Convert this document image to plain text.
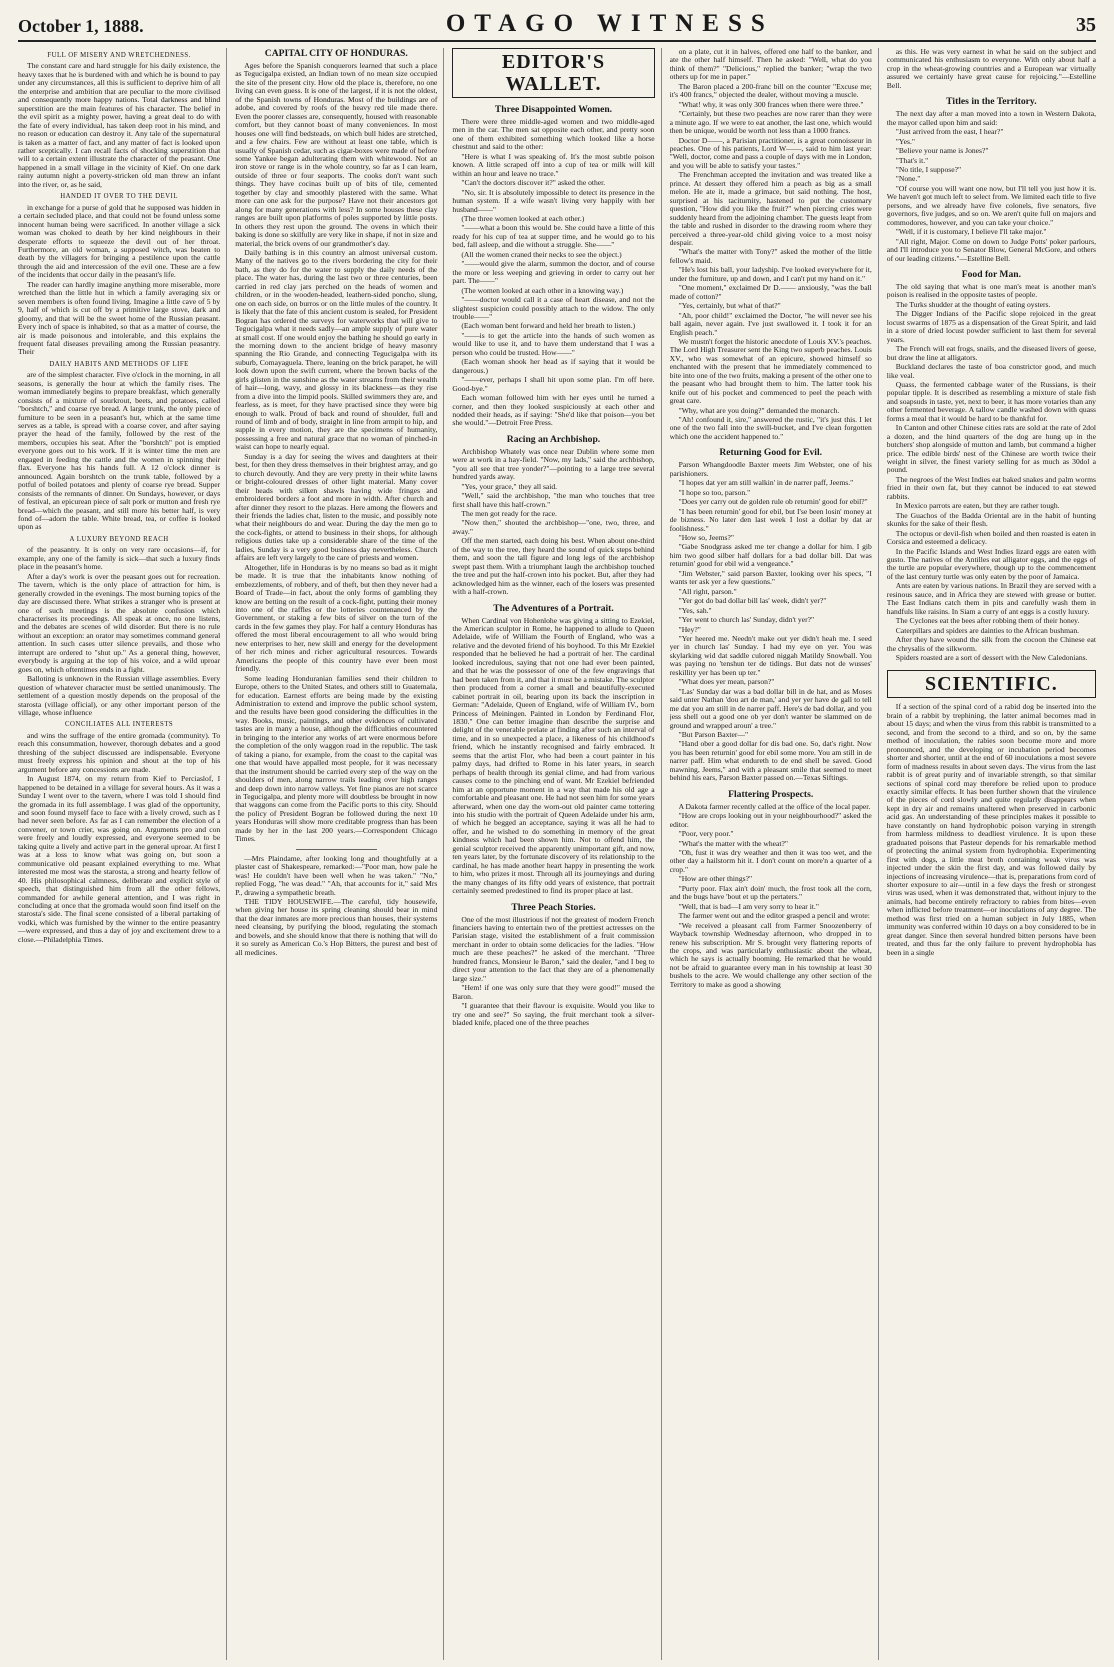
October 1, 1888.	OTAGO WITNESS	35
FULL OF MISERY AND WRETCHEDNESS.

The constant care and hard struggle for his daily existence, the heavy taxes that he is burdened with and which he is bound to pay under any circumstances, all this is sufficient to deprive him of all the enterprise and ambition that are peculiar to the more civilised and consequently more happy nations. Total darkness and blind superstition are the main features of his character. The belief in the evil spirit as a mighty power, having a great deal to do with the fate of every individual, has taken deep root in his mind, and no reason or education can destroy it. Any tale of the supernatural is taken as a matter of fact, and any matter of fact is looked upon rather sceptically. I can recall facts of shocking superstition that will to a certain extent illustrate the character of the peasant. One happened in a small village in the vicinity of Kief. On one dark rainy autumn night a poverty-stricken old man threw an infant into the river, or, as he said,

HANDED IT OVER TO THE DEVIL

in exchange for a purse of gold that he supposed was hidden in a certain secluded place, and that could not be found unless some innocent human being were sacrificed. In another village a sick woman was choked to death by her kind neighbours in their desperate efforts to squeeze the devil out of her throat. Furthermore, an old woman, a supposed witch, was beaten to death by the villagers for bringing a pestilence upon the cattle through the aid and intercession of the evil one. These are a few of the incidents that occur daily in the peasant's life.

The reader can hardly imagine anything more miserable, more wretched than the little hut in which a family averaging six or seven members is often found living. Imagine a little cave of 5 by 9, half of which is cut off by a primitive large stove, dark and gloomy, and that will be the sweet home of the Russian peasant. Every inch of space is inhabited, so that as a matter of course, the air is made poisonous and intolerable, and this explains the frequent fatal diseases prevailing among the Russian peasantry. Their

DAILY HABITS AND METHODS OF LIFE

are of the simplest character. Five o'clock in the morning, in all seasons, is generally the hour at which the family rises. The woman immediately begins to prepare breakfast, which generally consists of a mixture of sourkrout, beets, and potatoes, called "borshtch," and coarse rye bread. A large trunk, the only piece of furniture to be seen in a peasant's hut, which at the same time serves as a table, is spread with a coarse cover, and after saying prayer the head of the family, followed by the rest of the members, occupies his seat. After the "borshtch" pot is emptied everyone goes out to his work. If it is winter time the men are engaged in feeding the cattle and the women in spinning their flax. Everyone has his hands full. A 12 o'clock dinner is announced. Again borshtch on the trunk table, followed by a potful of boiled potatoes and plenty of coarse rye bread. Supper consists of the remnants of dinner. On Sundays, however, or days of festival, an epicurean piece of salt pork or mutton and fresh rye bread—which the peasant, and still more his better half, is very fond of—adorn the table. White bread, tea, or coffee is looked upon as

A LUXURY BEYOND REACH

of the peasantry. It is only on very rare occasions—if, for example, any one of the family is sick—that such a luxury finds place in the peasant's home.

After a day's work is over the peasant goes out for recreation. The tavern, which is the only place of attraction for him, is generally crowded in the evenings. The most burning topics of the day are discussed there. What strikes a stranger who is present at one of such meetings is the absolute confusion which characterises its proceedings. All speak at once, no one listens, and the debates are scenes of wild disorder. But there is no rule without an exception: an orator may sometimes command general attention. In such cases utter silence prevails, and those who interrupt are ordered to "shut up." As a general thing, however, everybody is arguing at the top of his voice, and a wild uproar goes on, which oftentimes ends in a fight.

Balloting is unknown in the Russian village assemblies. Every question of whatever character must be settled unanimously. The settlement of a question mostly depends on the proposal of the starosta (village official), or any other important person of the village, whose influence

CONCILIATES ALL INTERESTS

and wins the suffrage of the entire gromada (community). To reach this consummation, however, thorough debates and a good threshing of the subject discussed are indispensable. Everyone must freely express his opinion and shout at the top of his argument before any concessions are made.

In August 1874, on my return from Kief to Perciaslof, I happened to be detained in a village for several hours. As it was a Sunday I went over to the tavern, where I was told I should find the gromada in its full assemblage. I was glad of the opportunity, and soon found myself face to face with a lively crowd, such as I had never seen before. As far as I can remember the election of a convener, or town crier, was going on. Arguments pro and con were freely and loudly expressed, and everyone seemed to be taking quite a lively and active part in the general uproar. At first I was at a loss to know what was going on, but soon a communicative old peasant explained everything to me. What interested me most was the starosta, a strong and hearty fellow of 40. His philosophical calmness, deliberate and explicit style of speech, that distinguished him from all the other fellows, commanded for awhile general attention, and I was right in concluding at once that the gromada would soon find itself on the starosta's side. The final scene consisted of a liberal partaking of vodki, which was furnished by the winner to the entire peasantry—were expressed, and thus a day of joy and excitement drew to a close.—Philadelphia Times.

CAPITAL CITY OF HONDURAS.

Ages before the Spanish conquerors learned that such a place as Tegucigalpa existed, an Indian town of no mean size occupied the site of the present city. How old the place is, therefore, no one living can even guess. It is one of the largest, if it is not the oldest, of the Spanish towns of Honduras. Most of the buildings are of adobe, and covered by roofs of the heavy red tile made there. Even the poorer classes are, consequently, housed with reasonable comfort, but they cannot boast of many conveniences. In most houses one will find bedsteads, on which bull hides are stretched, and a few chairs. Few are without at least one table, which is usually of Spanish cedar, such as cigar-boxes were made of before some Yankee began adulterating them with whitewood. Not an iron stove or range is in the whole country, so far as I can learn, outside of three or four seaports. The cooks don't want such things. They have cocinas built up of bits of tile, cemented together by clay and smoothly plastered with the same. What more can one ask for the purpose? Have not their ancestors got along for many generations with less? In some houses these clay ranges are built upon platforms of poles supported by little posts. In others they rest upon the ground. The ovens in which their baking is done so skilfully are very like in shape, if not in size and material, the brick ovens of our grandmother's day.

Daily bathing is in this country an almost universal custom. Many of the natives go to the rivers bordering the city for their bath, as they do for the water to supply the daily needs of the place. The water has, during the last two or three centuries, been carried in red clay jars perched on the heads of women and children, or in the wooden-headed, leathern-sided poncho, slung, one on each side, on burros or on the little mules of the country. It is likely that the fate of this ancient custom is sealed, for President Bogran has ordered the surveys for waterworks that will give to Tegucigalpa what it needs sadly—an ample supply of pure water at small cost. If one would enjoy the bathing he should go early in the morning down to the ancient bridge of heavy masonry spanning the Rio Grande, and connecting Tegucigalpa with its suburb, Comayaguela. There, leaning on the brick parapet, he will look down upon the swift current, where the brown backs of the girls glisten in the sunshine as the water streams from their wealth of hair—long, wavy, and glossy in its blackness—as they rise from a dive into the limpid pools. Skilled swimmers they are, and fearless, as is meet, for they have practised since they were big enough to walk. Proud of back and round of shoulder, full and round of limb and of body, straight in line from armpit to hip, and supple in every motion, they are the specimens of humanity, possessing a free and natural grace that no woman of pinched-in waist can hope to nearly equal.

Sunday is a day for seeing the wives and daughters at their best, for then they dress themselves in their brightest array, and go to church devoutly. And they are very pretty in their white lawns or bright-coloured dresses of other light material. Many cover their heads with silken shawls having wide fringes and embroidered borders a foot and more in width. After church and after dinner they resort to the plazas. Here among the flowers and their friends the ladies chat, listen to the music, and possibly note what their neighbours do and wear. During the day the men go to the cock-fights, or attend to business in their shops, for although religious duties take up a considerable share of the time of the ladies, Sunday is a very good business day nevertheless. Church affairs are left very largely to the care of priests and women.

Altogether, life in Honduras is by no means so bad as it might be made. It is true that the inhabitants know nothing of embezzlements, of robbery, and of theft, but then they never had a Board of Trade—in fact, about the only forms of gambling they know are betting on the result of a cock-fight, putting their money into one of the raffles or the lotteries countenanced by the Government, or staking a few bits of silver on the turn of the cards in the few games they play. For half a century Honduras has offered the most liberal encouragement to all who would bring new enterprises to her, new skill and energy for the development of her rich mines and richer agricultural resources. Towards Americans the people of this country have ever been most friendly.

Some leading Honduranian families send their children to Europe, others to the United States, and others still to Guatemala, for education. Earnest efforts are being made by the existing Administration to extend and improve the public school system, and the results have been good considering the difficulties in the way. Books, music, paintings, and other evidences of cultivated tastes are in many a house, although the difficulties encountered in bringing to the interior any works of art were enormous before the completion of the only waggon road in the republic. The task of taking a piano, for example, from the coast to the capital was one that would have appalled most people, for it was necessary that the instrument should be carried every step of the way on the shoulders of men, along narrow trails leading over high ranges and deep down into narrow valleys. Yet fine pianos are not scarce in Tegucigalpa, and plenty more will doubtless be brought in now that waggons can come from the Pacific ports to this city. Should the policy of President Bogran be followed during the next 10 years Honduras will show more creditable progress than has been made by her in the last 200 years.—Correspondent Chicago Times.

—Mrs Plaindame, after looking long and thoughtfully at a plaster cast of Shakespeare, remarked:—"Poor man, how pale he was! He couldn't have been well when he was taken." "No," replied Fogg, "he was dead." "Ah, that accounts for it," said Mrs P., drawing a sympathetic breath.

THE TIDY HOUSEWIFE.—The careful, tidy housewife, when giving her house its spring cleaning should bear in mind that the dear inmates are more precious than houses, their systems need cleansing, by purifying the blood, regulating the stomach and bowels, and she should know that there is nothing that will do it so surely as American Co.'s Hop Bitters, the purest and best of all medicines.

EDITOR'S WALLET.
Three Disappointed Women.

There were three middle-aged women and two middle-aged men in the car. The men sat opposite each other, and pretty soon one of them exhibited something which looked like a horse chestnut and said to the other:

"Here is what I was speaking of. It's the most subtle poison known. A little scraped off into a cup of tea or milk will kill within an hour and leave no trace."

"Can't the doctors discover it?" asked the other.

"No, sir. It is absolutely impossible to detect its presence in the human system. If a wife wasn't living very happily with her husband——"

(The three women looked at each other.)

"——what a boon this would be. She could have a little of this ready for his cup of tea at supper time, and he would go to his bed, fall asleep, and die without a struggle. She——"

(All the women craned their necks to see the object.)

"——would give the alarm, summon the doctor, and of course the more or less weeping and grieving in order to carry out her part. The——"

(The women looked at each other in a knowing way.)

"——doctor would call it a case of heart disease, and not the slightest suspicion could possibly attach to the widow. The only trouble——"

(Each woman bent forward and held her breath to listen.)

"——is to get the article into the hands of such women as would like to use it, and to have them understand that I was a person who could be trusted. How——"

(Each woman shook her head as if saying that it would be dangerous.)

"——ever, perhaps I shall hit upon some plan. I'm off here. Good-bye."

Each woman followed him with her eyes until he turned a corner, and then they looked suspiciously at each other and nodded their heads, as if saying: "She'd like that poison—you bet she would."—Detroit Free Press.

Racing an Archbishop.

Archbishop Whately was once near Dublin where some men were at work in a hay-field. "Now, my lads," said the archbishop, "you all see that tree yonder?"—pointing to a large tree several hundred yards away.

"Yes, your grace," they all said.

"Well," said the archbishop, "the man who touches that tree first shall have this half-crown."

The men got ready for the race.

"Now then," shouted the archbishop—"one, two, three, and away."

Off the men started, each doing his best. When about one-third of the way to the tree, they heard the sound of quick steps behind them, and soon the tall figure and long legs of the archbishop swept past them. With a triumphant laugh the archbishop touched the tree and put the half-crown into his pocket. But, after they had acknowledged him as the winner, each of the losers was presented with a half-crown.

The Adventures of a Portrait.

When Cardinal von Hohenlohe was giving a sitting to Ezekiel, the American sculptor in Rome, he happened to allude to Queen Adelaide, wife of William the Fourth of England, who was a relative and the devoted friend of his boyhood. To this Mr Ezekiel responded that he believed he had a portrait of her. The cardinal looked incredulous, saying that not one had ever been painted, and that he was the possessor of one of the few engravings that had been taken from it, and that it must be a mistake. The sculptor then produced from a corner a small and beautifully-executed cabinet portrait in oil, bearing upon its back the inscription in German: "Adelaide, Queen of England, wife of William IV., born Princess of Meiningen. Painted in London by Ferdinand Flor, 1830." One can better imagine than describe the surprise and delight of the venerable prelate at finding after such an interval of time, and in so unexpected a place, a likeness of his childhood's friend, which he instantly recognised and fairly embraced. It seems that the artist Flor, who had been a court painter in his palmy days, had drifted to Rome in his later years, in search perhaps of health through its genial clime, and had from various causes come to the pinching end of want. Mr Ezekiel befriended him at an opportune moment in a way that made his old age a comfortable and pleasant one. He had not seen him for some years afterward, when one day the worn-out old painter came tottering into his studio with the portrait of Queen Adelaide under his arm, of which he begged an acceptance, saying it was all he had to offer, and he wished to do something in memory of the great kindness which had been shown him. Not to offend him, the genial sculptor received the apparently unimportant gift, and now, ten years later, by the fortunate discovery of its relationship to the cardinal, he has made another heart happy in presenting the work to him, who prizes it most. Through all its journeyings and during the many changes of its fifty odd years of existence, that portrait certainly seemed predestined to find its proper place at last.

Three Peach Stories.

One of the most illustrious if not the greatest of modern French financiers having to entertain two of the prettiest actresses on the Parisian stage, visited the establishment of a fruit commission merchant in order to obtain some delicacies for the ladies. "How much are these peaches?" he asked of the merchant. "Three hundred francs, Monsieur le Baron," said the dealer, "and I beg to direct your attention to the fact that they are of a phenomenally large size."

"Hem! if one was only sure that they were good!" mused the Baron.

"I guarantee that their flavour is exquisite. Would you like to try one and see?" So saying, the fruit merchant took a silver-bladed knife, placed one of the three peaches

on a plate, cut it in halves, offered one half to the banker, and ate the other half himself. Then he asked: "Well, what do you think of them?" "Delicious," replied the banker; "wrap the two others up for me in paper."

The Baron placed a 200-franc bill on the counter "Excuse me; it's 400 francs," objected the dealer, without moving a muscle.

"What! why, it was only 300 frances when there were three."

"Certainly, but these two peaches are now rarer than they were a minute ago. If we were to eat another, the last one, which would then be unique, would be worth not less than a 1000 francs.

Doctor D——, a Parisian practitioner, is a great connoisseur in peaches. One of his patients, Lord W——, said to him last year: "Well, doctor, come and pass a couple of days with me in London, and you will be able to satisfy your tastes."

The Frenchman accepted the invitation and was treated like a prince. At dessert they offered him a peach as big as a small melon. He ate it, made a grimace, but said nothing. The host, surprised at his taciturnity, hastened to put the customary question, "How did you like the fruit?" when piercing cries were suddenly heard from the adjoining chamber. The guests leapt from the table and rushed in disorder to the drawing room where they perceived a three-year-old child giving voice to a most noisy despair.

"What's the matter with Tony?" asked the mother of the little fellow's maid.

"He's lost his ball, your ladyship. I've looked everywhere for it, under the furniture, up and down, and I can't put my hand on it."

"One moment," exclaimed Dr D.—— anxiously, "was the ball made of cotton?"

"Yes, certainly, but what of that?"

"Ah, poor child!" exclaimed the Doctor, "he will never see his ball again, never again. I've just swallowed it. I took it for an English peach."

We mustn't forget the historic anecdote of Louis XV.'s peaches. The Lord High Treasurer sent the King two superb peaches. Louis XV., who was somewhat of an epicure, showed himself so enchanted with the present that he immediately commenced to bite into one of the two fruits, making a present of the other one to the peasant who had brought them to him. The latter took his knife out of his pocket and commenced to peel the peach with great care.

"Why, what are you doing?" demanded the monarch.

"Ah! confound it, sire," answered the rustic, "it's just this. I let one of the two fall into the swill-bucket, and I've clean forgotten which one the accident happened to."

Returning Good for Evil.

Parson Whangdoodle Baxter meets Jim Webster, one of his parishioners.

"I hopes dat yer am still walkin' in de narrer paff, Jeems."

"I hope so too, parson."

"Does yer carry out de golden rule ob returnin' good for ebil?"

"I has been returnin' good for ebil, but I'se been losin' money at de bizness. No later den last week I lost a dollar by dat ar foolishness."

"How so, Jeems?"

"Gabe Snodgrass asked me ter change a dollar for him. I gib him two good silber half dollars for a bad dollar bill. Dat was returnin' good for ebil wid a vengeance."

"Jim Webster," said parson Baxter, looking over his specs, "I wants ter ask yer a few questions."

"All right, parson."

"Yer got do bad dollar bill las' week, didn't yer?"

"Yes, sah."

"Yer went to church las' Sunday, didn't yer?"

"Hey?"

"Yer heered me. Needn't make out yer didn't heah me. I seed yer in church las' Sunday. I had my eye on yer. You was skylarking wid dat saddle culored niggah Matildy Snowball. You was paying no 'tenshun ter de tidings. But dats not de wusses' reskillity yer has been up ter."

"What does yer mean, parson?"

"Las' Sunday dar was a bad dollar bill in de hat, and as Moses said unter Nathan 'dou art de man,' and yer yer have de gall to tell me dat you am still in de narrer paff. Here's de bad dollar, and you jess shell out a good one ob yer don't wanter be slammed on de ground and wrapped aroun' a tree."

"But Parson Baxter—"

"Hand ober a good dollar for dis bad one. So, dat's right. Now you has been returnin' good for ebil some more. You am still in de narrer paff. Him what endureth to de end shell be saved. Good mawning, Jeems," and with a pleasant smile that seemed to meet behind his ears, Parson Baxter passed on.—Texas Siftings.

Flattering Prospects.

A Dakota farmer recently called at the office of the local paper.

"How are crops looking out in your neighbourhood?" asked the editor.

"Poor, very poor."

"What's the matter with the wheat?"

"Oh, fust it was dry weather and then it was too wet, and the other day a hailstorm hit it. I don't count on more'n a quarter of a crop."

"How are other things?"

"Purty poor. Flax ain't doin' much, the frost took all the corn, and the bugs have 'bout et up the pertaters."

"Well, that is bad—I am very sorry to hear it."

The farmer went out and the editor grasped a pencil and wrote:

"We received a pleasant call from Farmer Snoozenberry of Wayback township Wednesday afternoon, who dropped in to renew his subscription. Mr S. brought very flattering reports of the crops, and was particularly enthusiastic about the wheat, which he says is actually booming. He remarked that he would not be afraid to guarantee every man in his township at least 30 bushels to the acre. We would challenge any other section of the Territory to make as good a showing

as this. He was very earnest in what he said on the subject and communicated his enthusiasm to everyone. With only about half a crop in the wheat-growing countries and a European war virtually assured we certainly have great cause for rejoicing."—Estelline Bell.

Titles in the Territory.

The next day after a man moved into a town in Western Dakota, the mayor called upon him and said:

"Just arrived from the east, I hear?"

"Yes."

"Believe your name is Jones?"

"That's it."

"No title, I suppose?"

"None."

"Of course you will want one now, but I'll tell you just how it is. We haven't got much left to select from. We limited each title to five persons, and we already have five colonels, five senators, five governors, five judges, and so on. We aren't quite full on majors and commodores, however, and you can take your choice."

"Well, if it is customary, I believe I'll take major."

"All right, Major. Come on down to Judge Potts' poker parlours, and I'll introduce you to Senator Blow, General McGore, and others of our leading citizens."—Estelline Bell.

Food for Man.

The old saying that what is one man's meat is another man's poison is realised in the opposite tastes of people.

The Turks shudder at the thought of eating oysters.

The Digger Indians of the Pacific slope rejoiced in the great locust swarms of 1875 as a dispensation of the Great Spirit, and laid in a store of dried locust powder sufficient to last them for several years.

The French will eat frogs, snails, and the diseased livers of geese, but draw the line at alligators.

Buckland declares the taste of boa constrictor good, and much like veal.

Quass, the fermented cabbage water of the Russians, is their popular tipple. It is described as resembling a mixture of stale fish and soapsuds in taste, yet, next to beer, it has more votaries than any other fermented beverage. A tallow candle washed down with quass forms a meal that it would be hard to be thankful for.

In Canton and other Chinese cities rats are sold at the rate of 2dol a dozen, and the hind quarters of the dog are hung up in the butchers' shop alongside of mutton and lamb, but command a higher price. The edible birds' nest of the Chinese are worth twice their weight in silver, the finest variety selling for as much as 30dol a pound.

The negroes of the West Indies eat baked snakes and palm worms fried in their own fat, but they cannot be induced to eat stewed rabbits.

In Mexico parrots are eaten, but they are rather tough.

The Guachos of the Badda Oriental are in the habit of hunting skunks for the sake of their flesh.

The octopus or devil-fish when boiled and then roasted is eaten in Corsica and esteemed a delicacy.

In the Pacific Islands and West Indies lizard eggs are eaten with gusto. The natives of the Antilles eat alligator eggs, and the eggs of the turtle are popular everywhere, though up to the commencement of the last century turtle was only eaten by the poor of Jamaica.

Ants are eaten by various nations. In Brazil they are served with a resinous sauce, and in Africa they are stewed with grease or butter. The East Indians catch them in pits and carefully wash them in handfuls like raisins. In Siam a curry of ant eggs is a costly luxury.

The Cyclones eat the bees after robbing them of their honey.

Caterpillars and spiders are dainties to the African bushman.

After they have wound the silk from the cocoon the Chinese eat the chrysalis of the silkworm.

Spiders roasted are a sort of dessert with the New Caledonians.

SCIENTIFIC.

If a section of the spinal cord of a rabid dog be inserted into the brain of a rabbit by trephining, the latter animal becomes mad in about 15 days; and when the virus from this rabbit is transmitted to a second, and from the second to a third, and so on, by the same method of inoculation, the rabies soon become more and more pronounced, and the developing or incubation period becomes shorter and shorter, until at the end of 60 inoculations a most severe form of madness results in about seven days. The virus from the last rabbit is of great purity and of invariable strength, so that similar sections of spinal cord may therefore be relied upon to produce exactly similar effects. It has been further shown that the virulence of the pieces of cord slowly and quite regularly disappears when kept in dry air and remains unaltered when preserved in carbonic acid gas. An understanding of these principles makes it possible to have constantly on hand hydrophobic poison varying in strength from harmless mildness to deadliest virulence. It is upon these graduated poisons that Pasteur depends for his remarkable method of protecting the animal system from hydrophobia. Experimenting first with dogs, a little meat broth containing weak virus was injected under the skin the first day, and was followed daily by injections of increasing virulence—that is, preparations from cord of shorter exposure to air—until in a few days the fresh or strongest virus was used, when it was demonstrated that, without injury to the animals, had become entirely refractory to rabies from bites—even when inflicted before treatment—or inoculations of any degree. The method was first tried on a human subject in July 1885, when immunity was conferred within 10 days on a boy considered to be in great danger. Since then several hundred bitten persons have been treated, and thus far the only failure to prevent hydrophobia has been in a single
